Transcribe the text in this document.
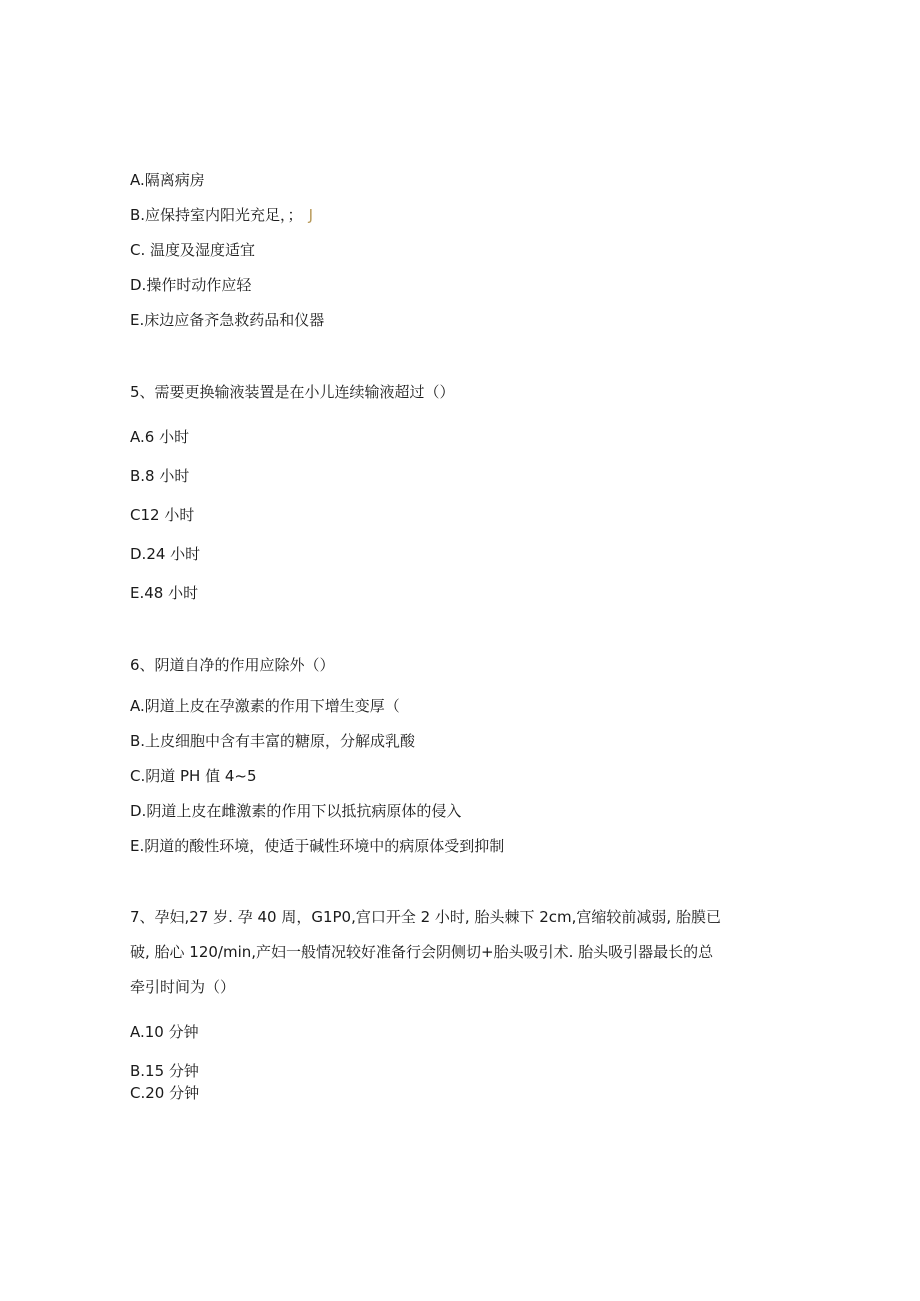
A.隔离病房
B.应保持室内阳光充足，； J
C. 温度及湿度适宜
D.操作时动作应轻
E.床边应备齐急救药品和仪器
5、需要更换输液装置是在小儿连续输液超过（）
A.6 小时
B.8 小时
C12 小时
D.24 小时
E.48 小时
6、阴道自净的作用应除外（）
A.阴道上皮在孕激素的作用下增生变厚（
B.上皮细胞中含有丰富的糖原，分解成乳酸
C.阴道 PH 值 4~5
D.阴道上皮在雌激素的作用下以抵抗病原体的侵入
E.阴道的酸性环境，使适于碱性环境中的病原体受到抑制
7、孕妇,27 岁. 孕 40 周，G1P0,宫口开全 2 小时, 胎头棘下 2cm,宫缩较前减弱, 胎膜已
破, 胎心 120/min,产妇一般情况较好准备行会阴侧切+胎头吸引术. 胎头吸引器最长的总
牵引时间为（）
A.10 分钟
B.15 分钟
C.20 分钟
